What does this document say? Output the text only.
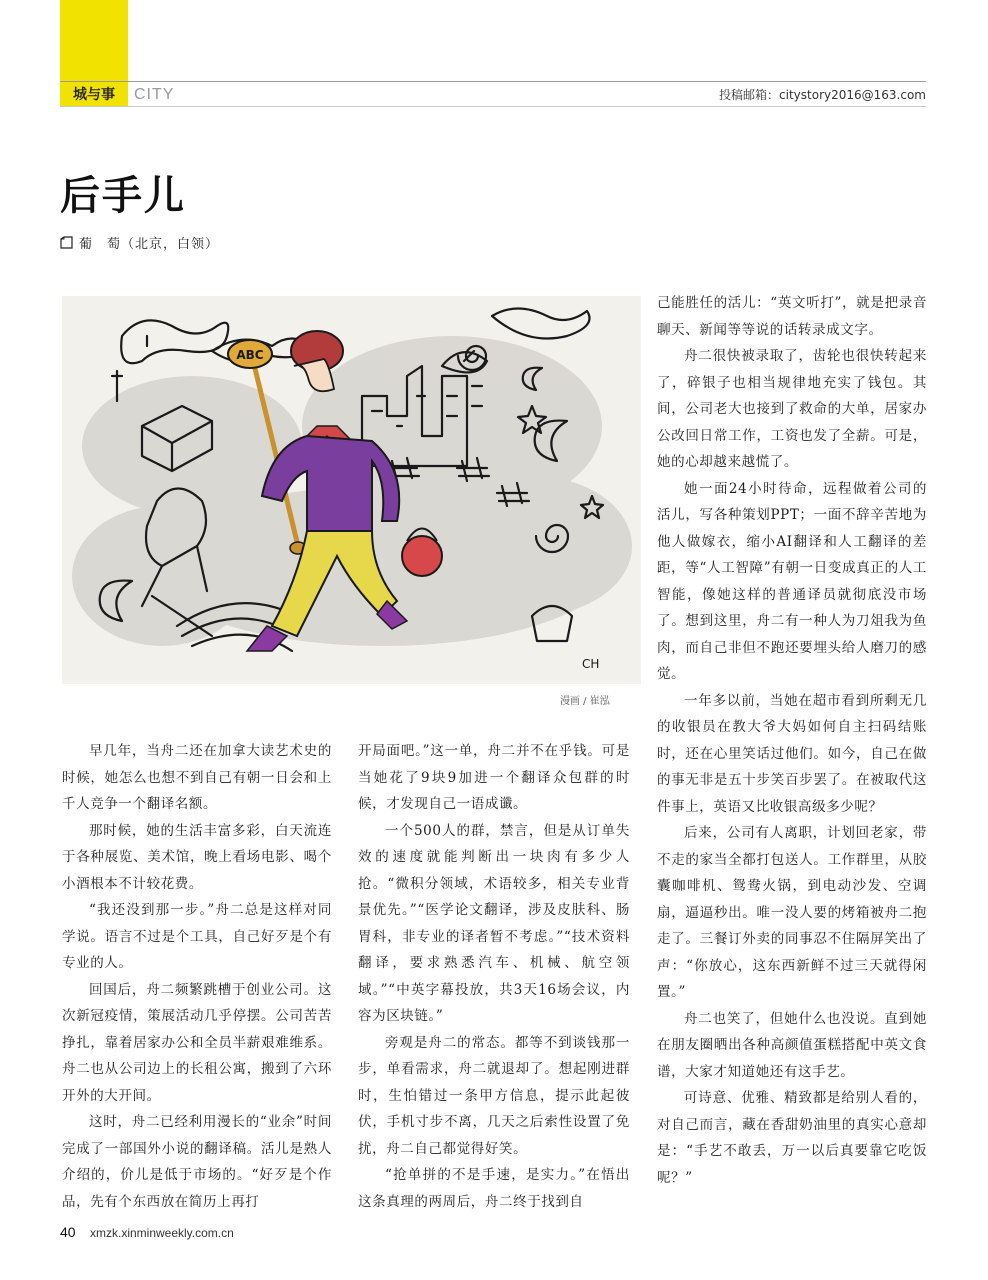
城与事	CITY	投稿邮箱：citystory2016@163.com
后手儿
葡　萄（北京，白领）
ABC
CH
漫画 / 崔泓

早几年，当舟二还在加拿大读艺术史的时候，她怎么也想不到自己有朝一日会和上千人竞争一个翻译名额。

那时候，她的生活丰富多彩，白天流连于各种展览、美术馆，晚上看场电影、喝个小酒根本不计较花费。

“我还没到那一步。”舟二总是这样对同学说。语言不过是个工具，自己好歹是个有专业的人。

回国后，舟二频繁跳槽于创业公司。这次新冠疫情，策展活动几乎停摆。公司苦苦挣扎，靠着居家办公和全员半薪艰难维系。舟二也从公司边上的长租公寓，搬到了六环开外的大开间。

这时，舟二已经利用漫长的“业余”时间完成了一部国外小说的翻译稿。活儿是熟人介绍的，价儿是低于市场的。“好歹是个作品，先有个东西放在简历上再打

开局面吧。”这一单，舟二并不在乎钱。可是当她花了9块9加进一个翻译众包群的时候，才发现自己一语成谶。

一个500人的群，禁言，但是从订单失效的速度就能判断出一块肉有多少人抢。“微积分领域，术语较多，相关专业背景优先。”“医学论文翻译，涉及皮肤科、肠胃科，非专业的译者暂不考虑。”“技术资料翻译，要求熟悉汽车、机械、航空领域。”“中英字幕投放，共3天16场会议，内容为区块链。”

旁观是舟二的常态。都等不到谈钱那一步，单看需求，舟二就退却了。想起刚进群时，生怕错过一条甲方信息，提示此起彼伏，手机寸步不离，几天之后索性设置了免扰，舟二自己都觉得好笑。

“抢单拼的不是手速，是实力。”在悟出这条真理的两周后，舟二终于找到自

己能胜任的活儿：“英文听打”，就是把录音聊天、新闻等等说的话转录成文字。

舟二很快被录取了，齿轮也很快转起来了，碎银子也相当规律地充实了钱包。其间，公司老大也接到了救命的大单，居家办公改回日常工作，工资也发了全薪。可是，她的心却越来越慌了。

她一面24小时待命，远程做着公司的活儿，写各种策划PPT；一面不辞辛苦地为他人做嫁衣，缩小AI翻译和人工翻译的差距，等“人工智障”有朝一日变成真正的人工智能，像她这样的普通译员就彻底没市场了。想到这里，舟二有一种人为刀俎我为鱼肉，而自己非但不跑还要埋头给人磨刀的感觉。

一年多以前，当她在超市看到所剩无几的收银员在教大爷大妈如何自主扫码结账时，还在心里笑话过他们。如今，自己在做的事无非是五十步笑百步罢了。在被取代这件事上，英语又比收银高级多少呢？

后来，公司有人离职，计划回老家，带不走的家当全都打包送人。工作群里，从胶囊咖啡机、鸳鸯火锅，到电动沙发、空调扇，逼逼秒出。唯一没人要的烤箱被舟二抱走了。三餐订外卖的同事忍不住隔屏笑出了声：“你放心，这东西新鲜不过三天就得闲置。”

舟二也笑了，但她什么也没说。直到她在朋友圈晒出各种高颜值蛋糕搭配中英文食谱，大家才知道她还有这手艺。

可诗意、优雅、精致都是给别人看的，对自己而言，藏在香甜奶油里的真实心意却是：“手艺不敢丢，万一以后真要靠它吃饭呢？”

40 xmzk.xinminweekly.com.cn
